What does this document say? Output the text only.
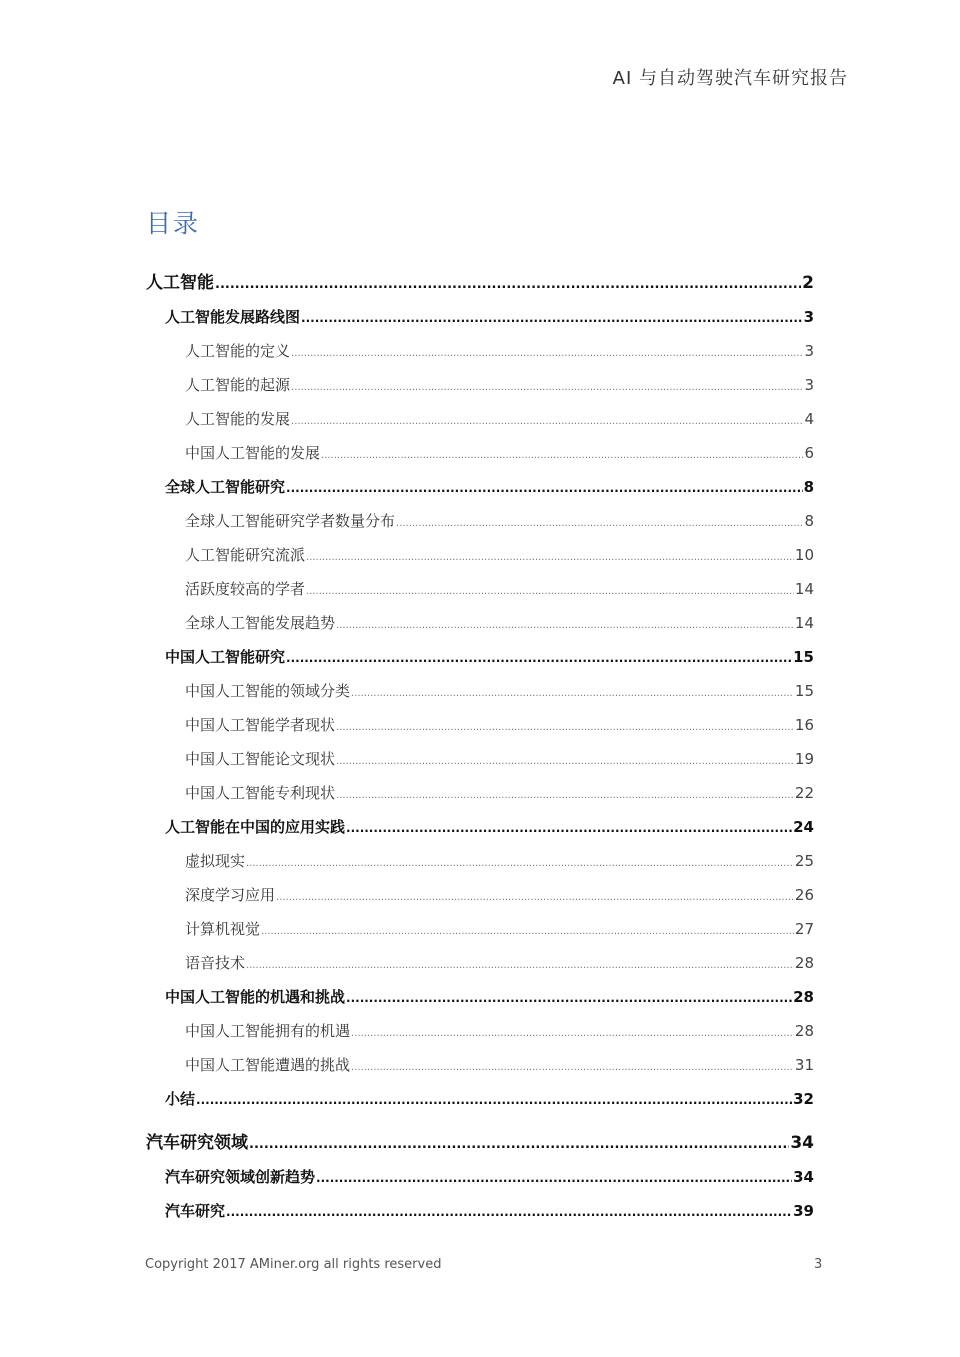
AI 与自动驾驶汽车研究报告
目录
人工智能 .....	2
人工智能发展路线图 .....	3
人工智能的定义 .....	3
人工智能的起源 .....	3
人工智能的发展 .....	4
中国人工智能的发展 .....	6
全球人工智能研究 .....	8
全球人工智能研究学者数量分布 .....	8
人工智能研究流派 .....	10
活跃度较高的学者 .....	14
全球人工智能发展趋势 .....	14
中国人工智能研究 .....	15
中国人工智能的领域分类 .....	15
中国人工智能学者现状 .....	16
中国人工智能论文现状 .....	19
中国人工智能专利现状 .....	22
人工智能在中国的应用实践 .....	24
虚拟现实 .....	25
深度学习应用 .....	26
计算机视觉 .....	27
语音技术 .....	28
中国人工智能的机遇和挑战 .....	28
中国人工智能拥有的机遇 .....	28
中国人工智能遭遇的挑战 .....	31
小结 .....	32
汽车研究领域 .....	34
汽车研究领域创新趋势 .....	34
汽车研究 .....	39
Copyright 2017 AMiner.org all rights reserved	3
